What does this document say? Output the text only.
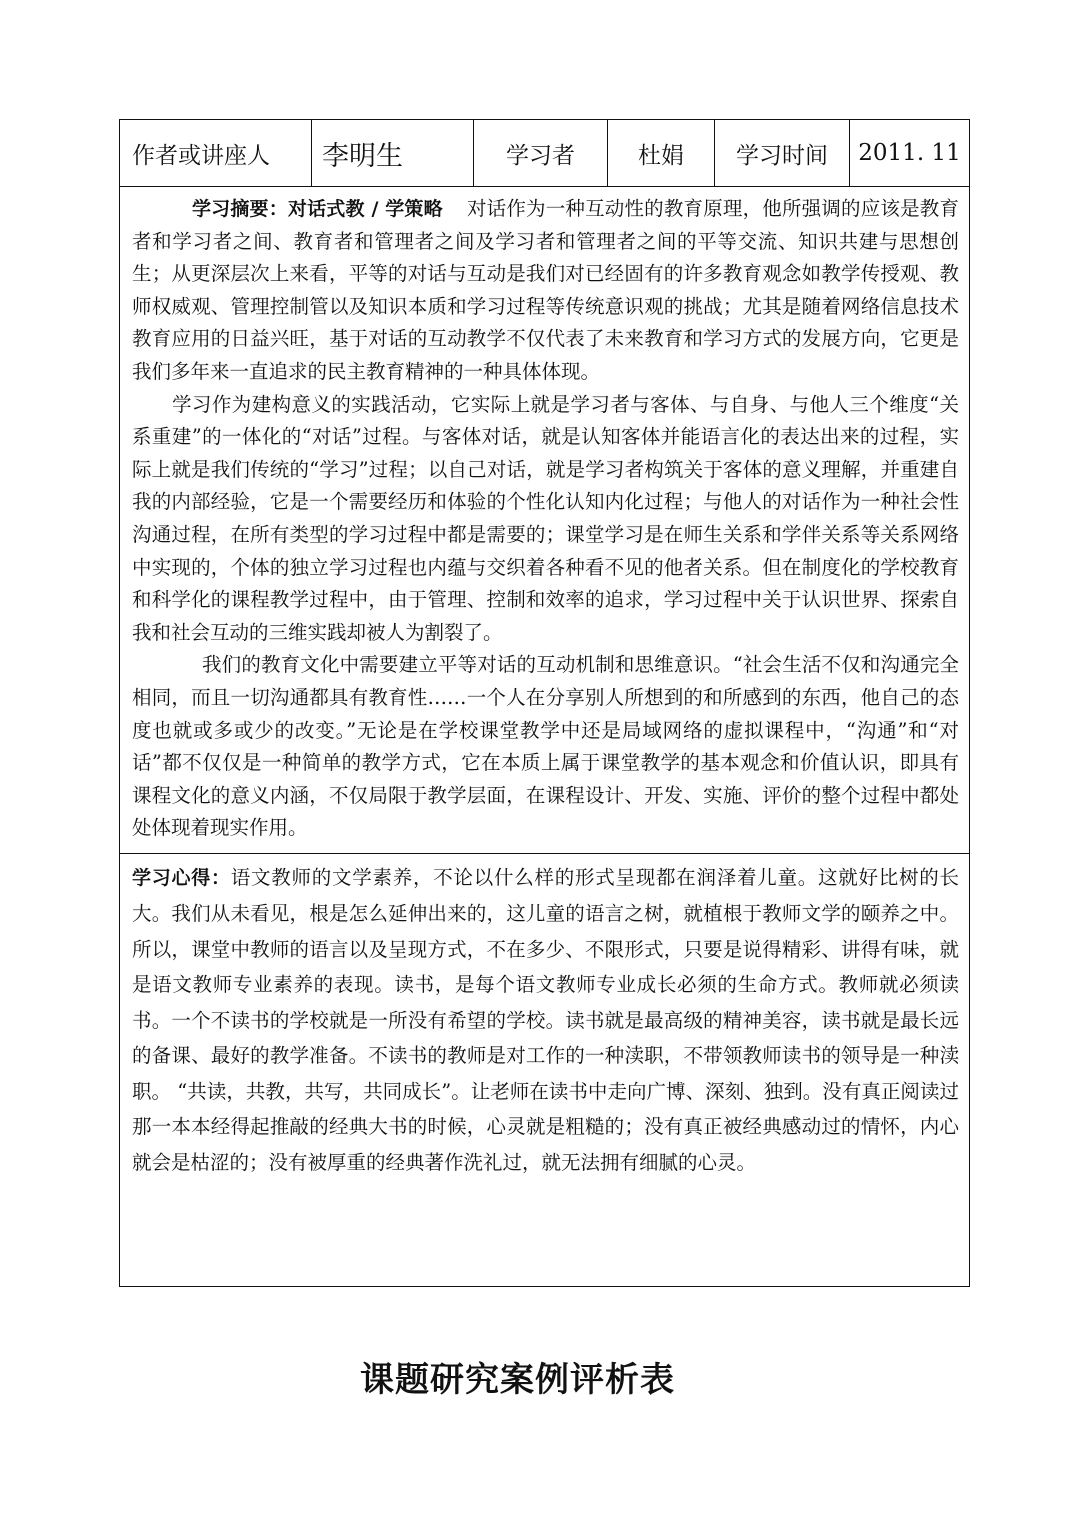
作者或讲座人	李明生	学习者	杜娟	学习时间	2011. 11

学习摘要：对话式教 / 学策略 对话作为一种互动性的教育原理，他所强调的应该是教育者和学习者之间、教育者和管理者之间及学习者和管理者之间的平等交流、知识共建与思想创生；从更深层次上来看，平等的对话与互动是我们对已经固有的许多教育观念如教学传授观、教师权威观、管理控制管以及知识本质和学习过程等传统意识观的挑战；尤其是随着网络信息技术教育应用的日益兴旺，基于对话的互动教学不仅代表了未来教育和学习方式的发展方向，它更是我们多年来一直追求的民主教育精神的一种具体体现。

学习作为建构意义的实践活动，它实际上就是学习者与客体、与自身、与他人三个维度“关系重建”的一体化的“对话”过程。与客体对话，就是认知客体并能语言化的表达出来的过程，实际上就是我们传统的“学习”过程；以自己对话，就是学习者构筑关于客体的意义理解，并重建自我的内部经验，它是一个需要经历和体验的个性化认知内化过程；与他人的对话作为一种社会性沟通过程，在所有类型的学习过程中都是需要的；课堂学习是在师生关系和学伴关系等关系网络中实现的，个体的独立学习过程也内蕴与交织着各种看不见的他者关系。但在制度化的学校教育和科学化的课程教学过程中，由于管理、控制和效率的追求，学习过程中关于认识世界、探索自我和社会互动的三维实践却被人为割裂了。

我们的教育文化中需要建立平等对话的互动机制和思维意识。“社会生活不仅和沟通完全相同，而且一切沟通都具有教育性……一个人在分享别人所想到的和所感到的东西，他自己的态度也就或多或少的改变。”无论是在学校课堂教学中还是局域网络的虚拟课程中，“沟通”和“对话”都不仅仅是一种简单的教学方式，它在本质上属于课堂教学的基本观念和价值认识，即具有课程文化的意义内涵，不仅局限于教学层面，在课程设计、开发、实施、评价的整个过程中都处处体现着现实作用。

学习心得：语文教师的文学素养，不论以什么样的形式呈现都在润泽着儿童。这就好比树的长大。我们从未看见，根是怎么延伸出来的，这儿童的语言之树，就植根于教师文学的颐养之中。所以，课堂中教师的语言以及呈现方式，不在多少、不限形式，只要是说得精彩、讲得有味，就是语文教师专业素养的表现。读书，是每个语文教师专业成长必须的生命方式。教师就必须读书。一个不读书的学校就是一所没有希望的学校。读书就是最高级的精神美容，读书就是最长远的备课、最好的教学准备。不读书的教师是对工作的一种渎职，不带领教师读书的领导是一种渎职。 “共读，共教，共写，共同成长”。让老师在读书中走向广博、深刻、独到。没有真正阅读过那一本本经得起推敲的经典大书的时候，心灵就是粗糙的；没有真正被经典感动过的情怀，内心就会是枯涩的；没有被厚重的经典著作洗礼过，就无法拥有细腻的心灵。

课题研究案例评析表
